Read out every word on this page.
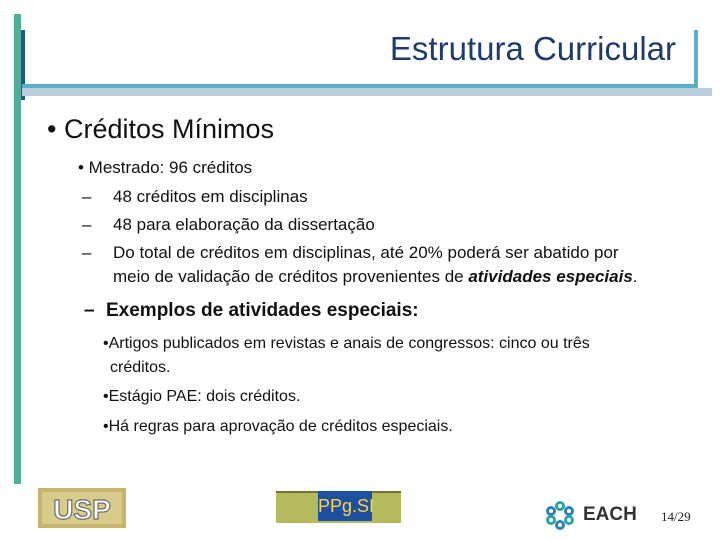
Estrutura Curricular
• Créditos Mínimos
• Mestrado: 96 créditos
– 48 créditos em disciplinas
– 48 para elaboração da dissertação
– Do total de créditos em disciplinas, até 20% poderá ser abatido por
meio de validação de créditos provenientes de atividades especiais.
– Exemplos de atividades especiais:
•Artigos publicados em revistas e anais de congressos: cinco ou três
créditos.
•Estágio PAE: dois créditos.
•Há regras para aprovação de créditos especiais.
USP	PPg.SI	EACH 14/29
